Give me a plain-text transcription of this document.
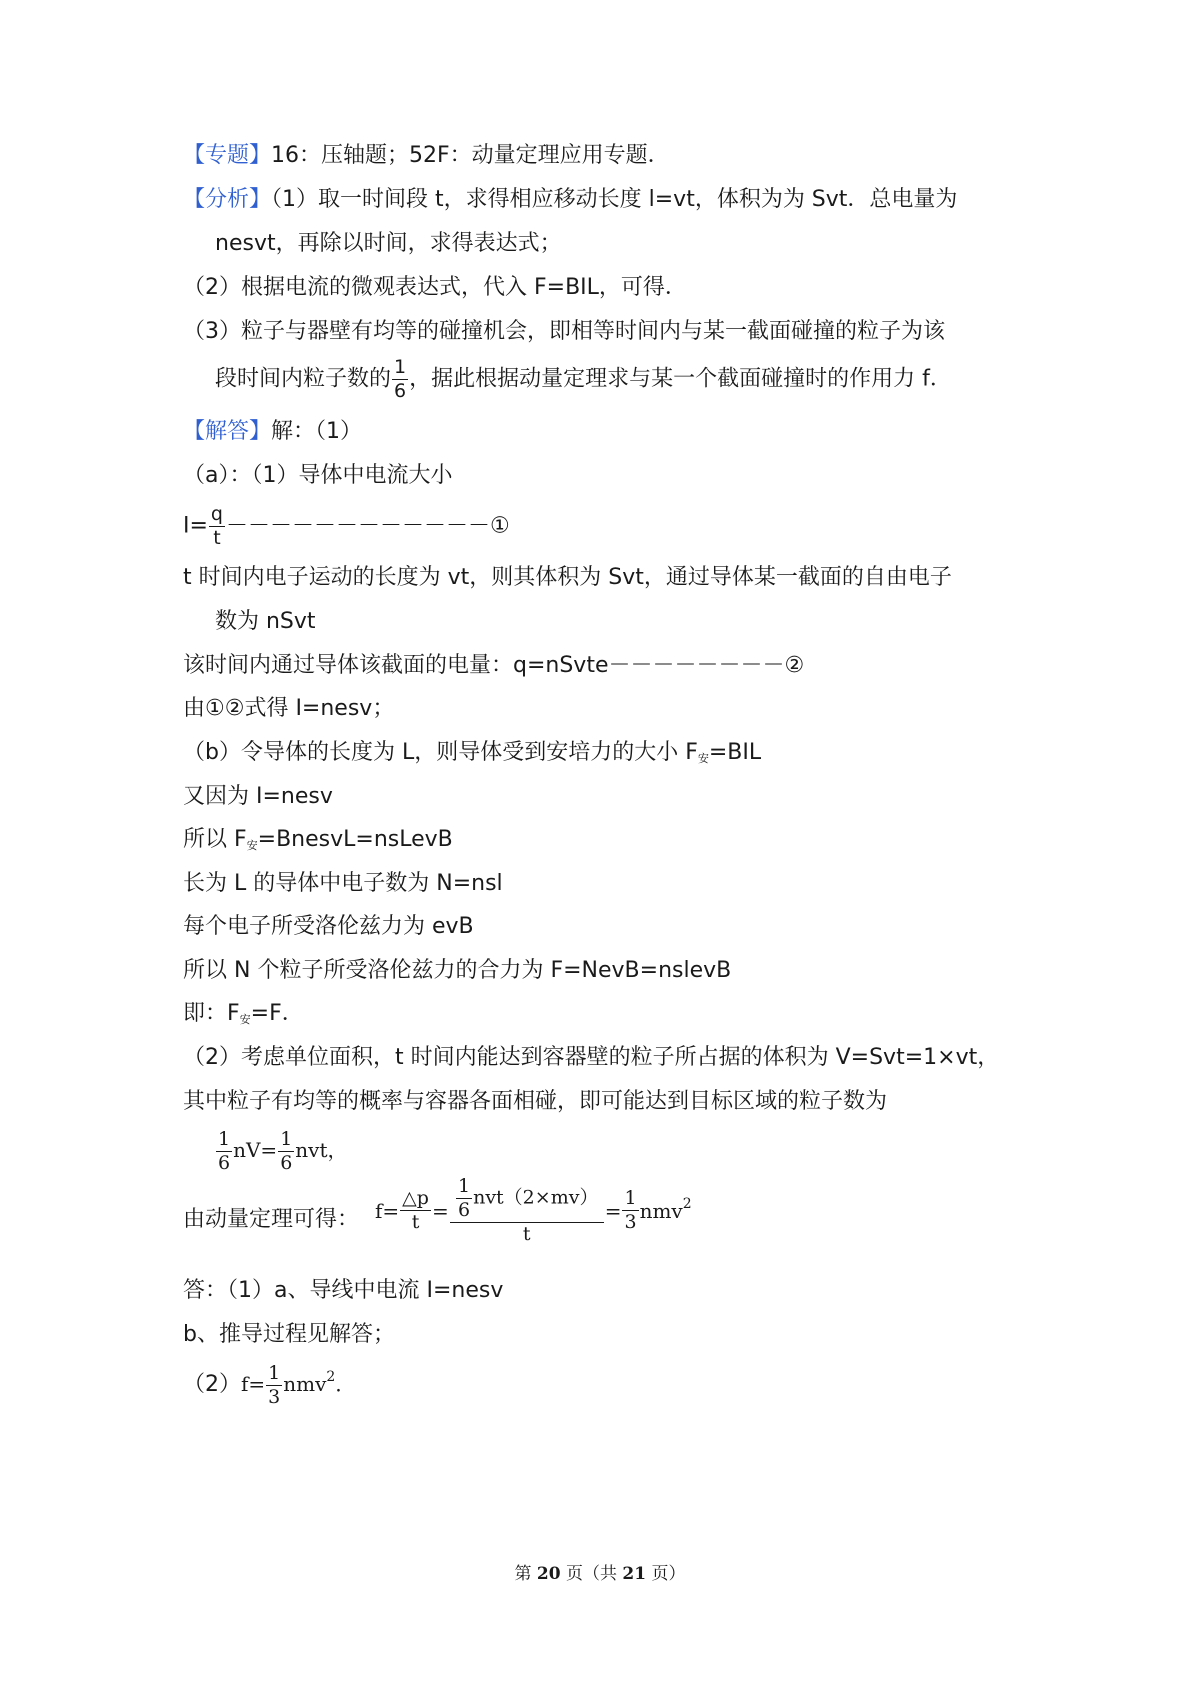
【专题】16：压轴题；52F：动量定理应用专题．
【分析】（1）取一时间段 t，求得相应移动长度 l=vt，体积为为 Svt．总电量为
nesvt，再除以时间，求得表达式；
（2）根据电流的微观表达式，代入 F=BIL，可得．
（3）粒子与器壁有均等的碰撞机会，即相等时间内与某一截面碰撞的粒子为该
段时间内粒子数的 $\frac{1}{6}$ ，据此根据动量定理求与某一个截面碰撞时的作用力 f．
【解答】解：（1）
（a）：（1）导体中电流大小
$I= \frac{q}{t}$ －－－－－－－－－－－－①
t 时间内电子运动的长度为 vt，则其体积为 Svt，通过导体某一截面的自由电子
数为 nSvt
该时间内通过导体该截面的电量：q=nSvte－－－－－－－－②
由①②式得 I=nesv；
（b）令导体的长度为 L，则导体受到安培力的大小 $F_安=BIL$
又因为 I=nesv
所以 $F_安=BnesvL=nsLevB$
长为 L 的导体中电子数为 N=nsl
每个电子所受洛伦兹力为 evB
所以 N 个粒子所受洛伦兹力的合力为 F=NevB=nslevB
即：$F_安=F$．
（2）考虑单位面积，t 时间内能达到容器壁的粒子所占据的体积为 V=Svt=1×vt，
其中粒子有均等的概率与容器各面相碰，即可能达到目标区域的粒子数为
$\frac{1}{6} nV= \frac{1}{6}$ nvt，
由动量定理可得： $f= \frac{\triangle p}{t} = \frac{\frac{1}{6} nvt(2\times mv)}{t} = \frac{1}{3} nmv^2$
答：（1）a、导线中电流 I=nesv
b、推导过程见解答；
$(2)f= \frac{1}{3} nmv^2$．
第 20 页（共 21 页）
